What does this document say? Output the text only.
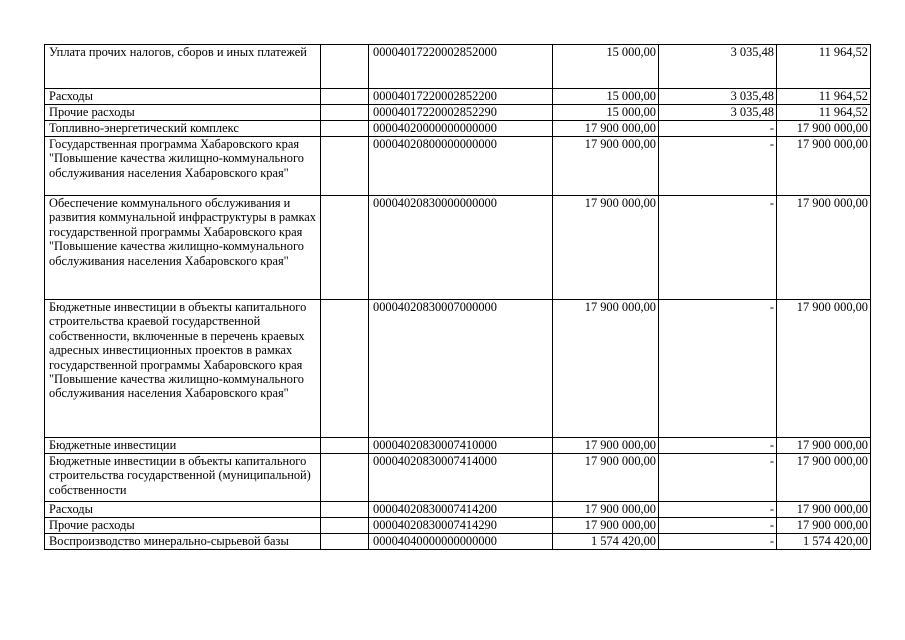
Уплата прочих налогов, сборов и иных платежей		00004017220002852000	15 000,00	3 035,48	11 964,52
Расходы		00004017220002852200	15 000,00	3 035,48	11 964,52
Прочие расходы		00004017220002852290	15 000,00	3 035,48	11 964,52
Топливно-энергетический комплекс		00004020000000000000	17 900 000,00	-	17 900 000,00
Государственная программа Хабаровского края "Повышение качества жилищно-коммунального обслуживания населения Хабаровского края"		00004020800000000000	17 900 000,00	-	17 900 000,00
Обеспечение коммунального обслуживания и развития коммунальной инфраструктуры в рамках государственной программы Хабаровского края "Повышение качества жилищно-коммунального обслуживания населения Хабаровского края"		00004020830000000000	17 900 000,00	-	17 900 000,00
Бюджетные инвестиции в объекты капитального строительства краевой государственной собственности, включенные в перечень краевых адресных инвестиционных проектов в рамках государственной программы Хабаровского края "Повышение качества жилищно-коммунального обслуживания населения Хабаровского края"		00004020830007000000	17 900 000,00	-	17 900 000,00
Бюджетные инвестиции		00004020830007410000	17 900 000,00	-	17 900 000,00
Бюджетные инвестиции в объекты капитального строительства государственной (муниципальной) собственности		00004020830007414000	17 900 000,00	-	17 900 000,00
Расходы		00004020830007414200	17 900 000,00	-	17 900 000,00
Прочие расходы		00004020830007414290	17 900 000,00	-	17 900 000,00
Воспроизводство минерально-сырьевой базы		00004040000000000000	1 574 420,00	-	1 574 420,00
